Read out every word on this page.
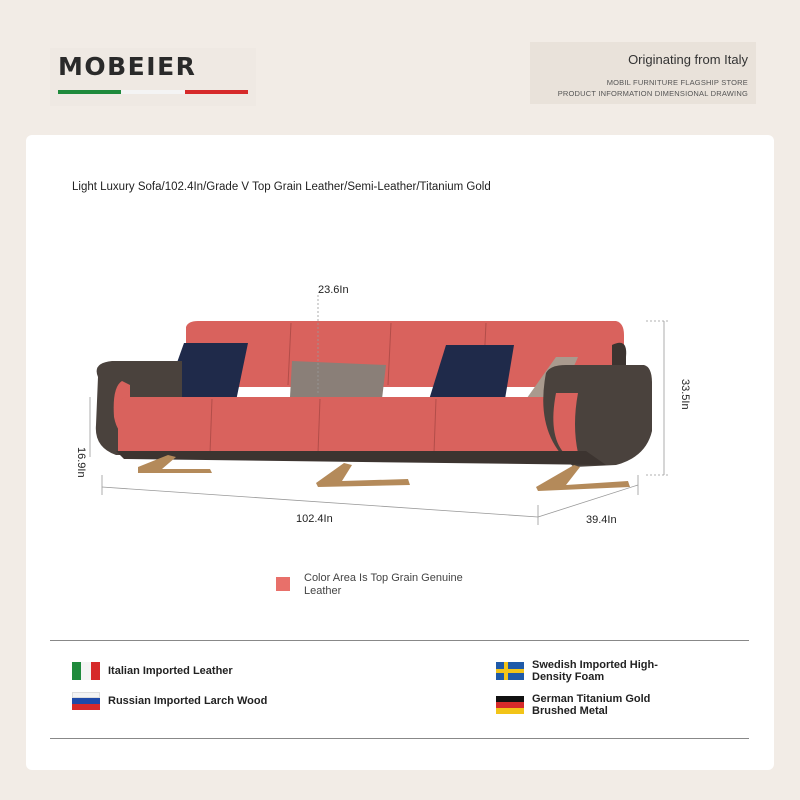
MOBEIER	Originating from Italy
MOBIL FURNITURE FLAGSHIP STORE
PRODUCT INFORMATION DIMENSIONAL DRAWING
Light Luxury Sofa/102.4In/Grade V Top Grain Leather/Semi-Leather/Titanium Gold
23.6In
33.5In
16.9In
102.4In	39.4In
Color Area Is Top Grain Genuine Leather
Italian Imported Leather
Russian Imported Larch Wood
Swedish Imported High-Density Foam
German Titanium Gold Brushed Metal
